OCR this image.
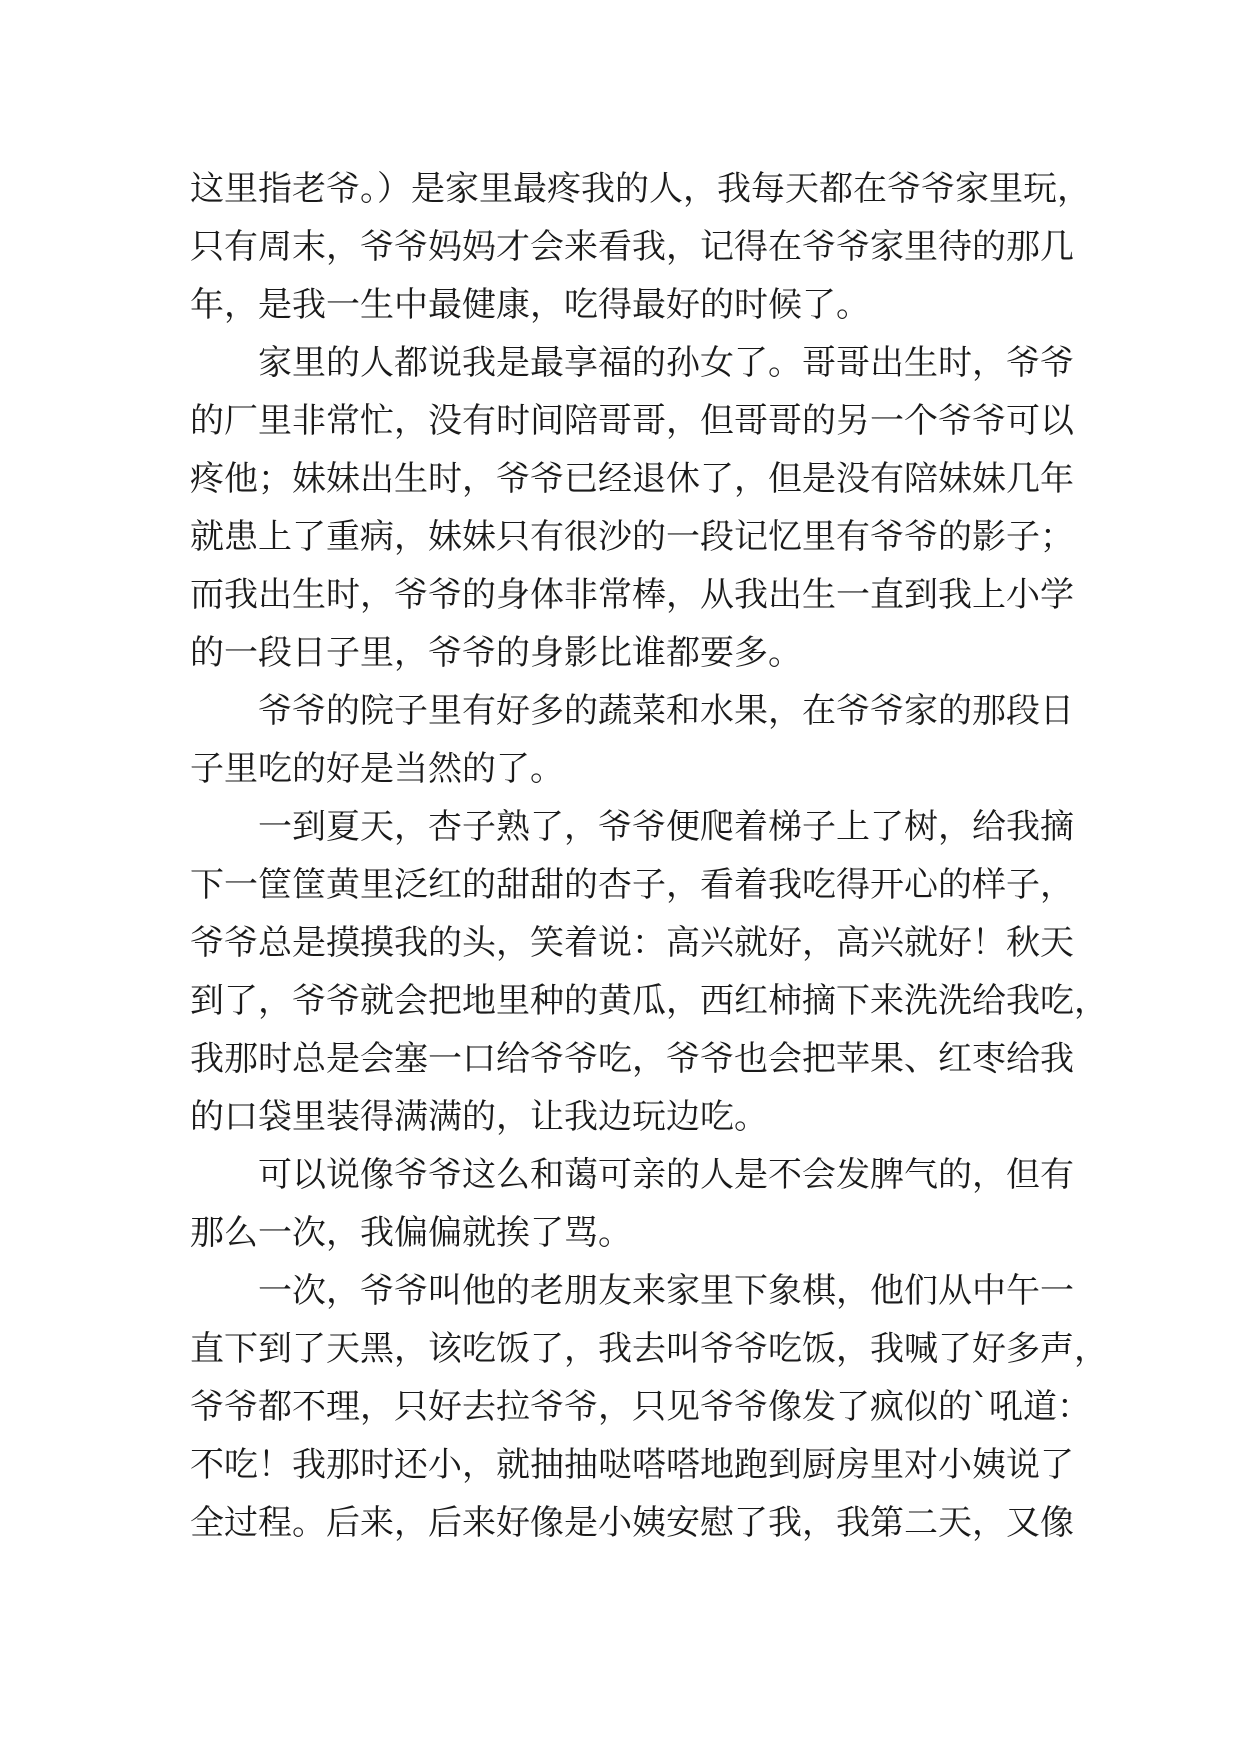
这里指老爷。）是家里最疼我的人，我每天都在爷爷家里玩，
只有周末，爷爷妈妈才会来看我，记得在爷爷家里待的那几
年，是我一生中最健康，吃得最好的时候了。
家里的人都说我是最享福的孙女了。哥哥出生时，爷爷
的厂里非常忙，没有时间陪哥哥，但哥哥的另一个爷爷可以
疼他；妹妹出生时，爷爷已经退休了，但是没有陪妹妹几年
就患上了重病，妹妹只有很沙的一段记忆里有爷爷的影子；
而我出生时，爷爷的身体非常棒，从我出生一直到我上小学
的一段日子里，爷爷的身影比谁都要多。
爷爷的院子里有好多的蔬菜和水果，在爷爷家的那段日
子里吃的好是当然的了。
一到夏天，杏子熟了，爷爷便爬着梯子上了树，给我摘
下一筐筐黄里泛红的甜甜的杏子，看着我吃得开心的样子，
爷爷总是摸摸我的头，笑着说：高兴就好，高兴就好！秋天
到了，爷爷就会把地里种的黄瓜，西红柿摘下来洗洗给我吃，
我那时总是会塞一口给爷爷吃，爷爷也会把苹果、红枣给我
的口袋里装得满满的，让我边玩边吃。
可以说像爷爷这么和蔼可亲的人是不会发脾气的，但有
那么一次，我偏偏就挨了骂。
一次，爷爷叫他的老朋友来家里下象棋，他们从中午一
直下到了天黑，该吃饭了，我去叫爷爷吃饭，我喊了好多声，
爷爷都不理，只好去拉爷爷，只见爷爷像发了疯似的`吼道：
不吃！我那时还小，就抽抽哒嗒嗒地跑到厨房里对小姨说了
全过程。后来，后来好像是小姨安慰了我，我第二天，又像
